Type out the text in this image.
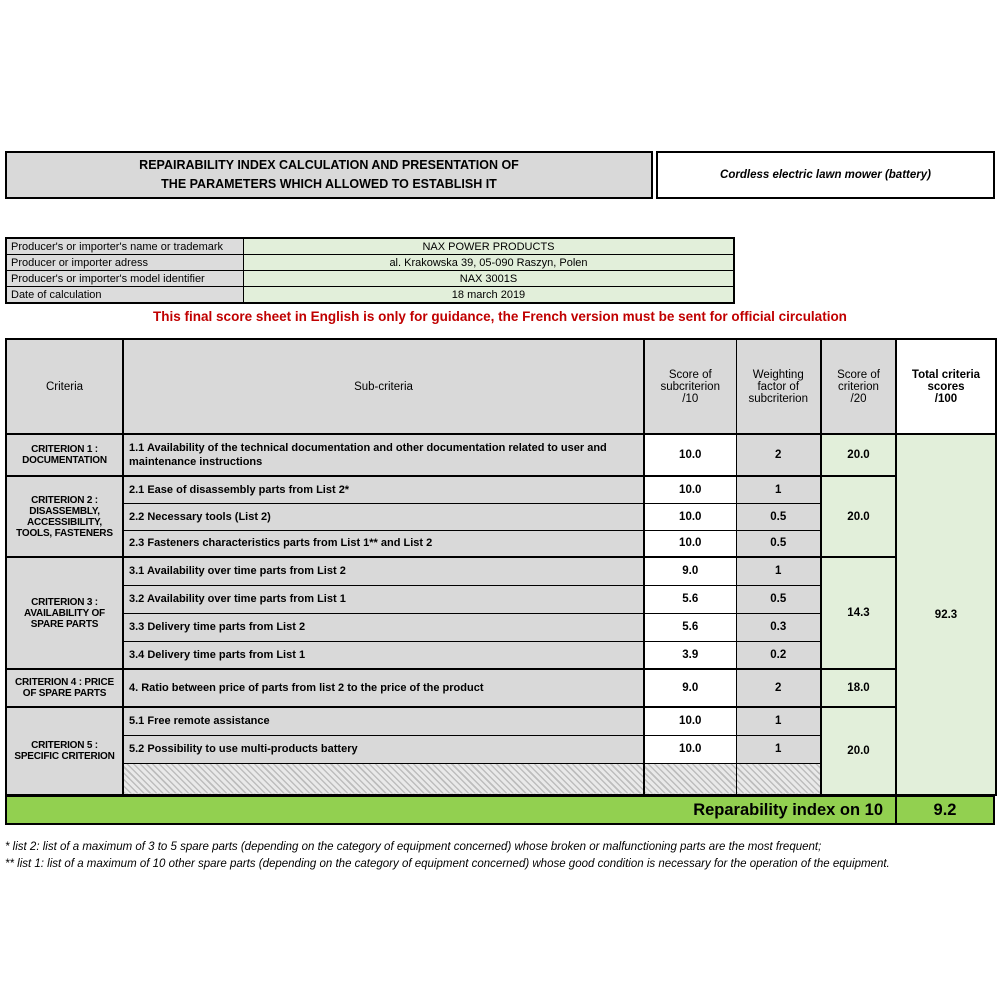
REPAIRABILITY INDEX CALCULATION AND PRESENTATION OF
THE PARAMETERS WHICH ALLOWED TO ESTABLISH IT
Cordless electric lawn mower (battery)
Producer's or importer's name or trademark	NAX POWER PRODUCTS
Producer or importer adress	al. Krakowska 39, 05-090 Raszyn, Polen
Producer's or importer's model identifier	NAX 3001S
Date of calculation	18 march 2019
This final score sheet in English is only for guidance, the French version must be sent for official circulation
Criteria	Sub-criteria	Score of
subcriterion
/10	Weighting
factor of
subcriterion	Score of
criterion
/20	Total criteria
scores
/100
CRITERION 1 :
DOCUMENTATION	1.1 Availability of the technical documentation and other documentation related to user and maintenance instructions	10.0	2	20.0	92.3
CRITERION 2 :
DISASSEMBLY,
ACCESSIBILITY,
TOOLS, FASTENERS	2.1 Ease of disassembly parts from List 2*	10.0	1	20.0	
	2.2 Necessary tools (List 2)	10.0	0.5		
	2.3 Fasteners characteristics parts from List 1** and List 2	10.0	0.5		
CRITERION 3 :
AVAILABILITY OF
SPARE PARTS	3.1 Availability over time parts from List 2	9.0	1	14.3	
	3.2 Availability over time parts from List 1	5.6	0.5		
	3.3 Delivery time parts from List 2	5.6	0.3		
	3.4 Delivery time parts from List 1	3.9	0.2		
CRITERION 4 : PRICE
OF SPARE PARTS	4. Ratio between price of parts from list 2 to the price of the product	9.0	2	18.0	
CRITERION 5 :
SPECIFIC CRITERION	5.1 Free remote assistance	10.0	1	20.0	
	5.2 Possibility to use multi-products battery	10.0	1		

Reparability index on 10	9.2
* list 2: list of a maximum of 3 to 5 spare parts (depending on the category of equipment concerned) whose broken or malfunctioning parts are the most frequent;
** list 1: list of a maximum of 10 other spare parts (depending on the category of equipment concerned) whose good condition is necessary for the operation of the equipment.
